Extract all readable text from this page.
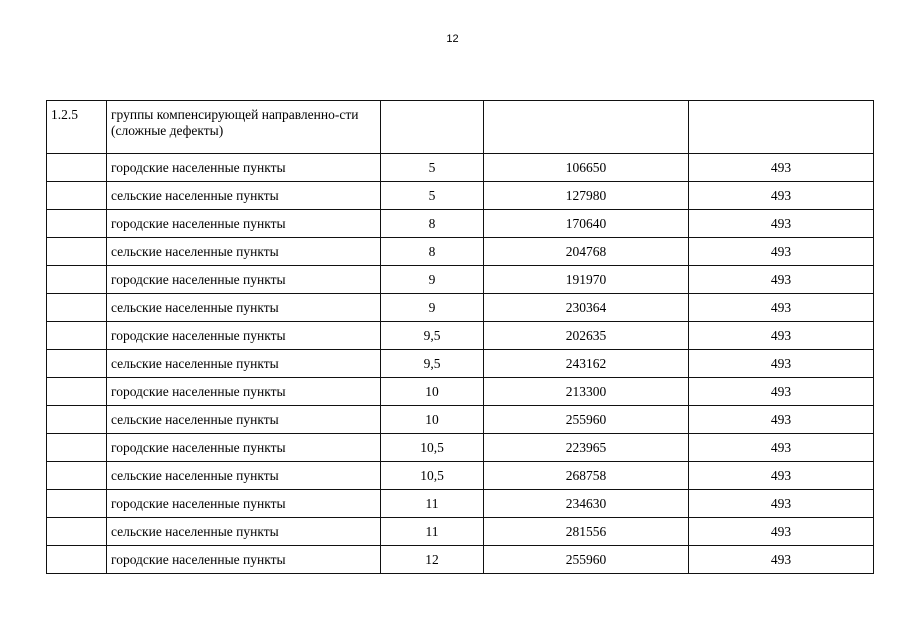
12
1.2.5	группы компенсирующей направленно-сти (сложные дефекты)			
	городские населенные пункты	5	106650	493
	сельские населенные пункты	5	127980	493
	городские населенные пункты	8	170640	493
	сельские населенные пункты	8	204768	493
	городские населенные пункты	9	191970	493
	сельские населенные пункты	9	230364	493
	городские населенные пункты	9,5	202635	493
	сельские населенные пункты	9,5	243162	493
	городские населенные пункты	10	213300	493
	сельские населенные пункты	10	255960	493
	городские населенные пункты	10,5	223965	493
	сельские населенные пункты	10,5	268758	493
	городские населенные пункты	11	234630	493
	сельские населенные пункты	11	281556	493
	городские населенные пункты	12	255960	493
